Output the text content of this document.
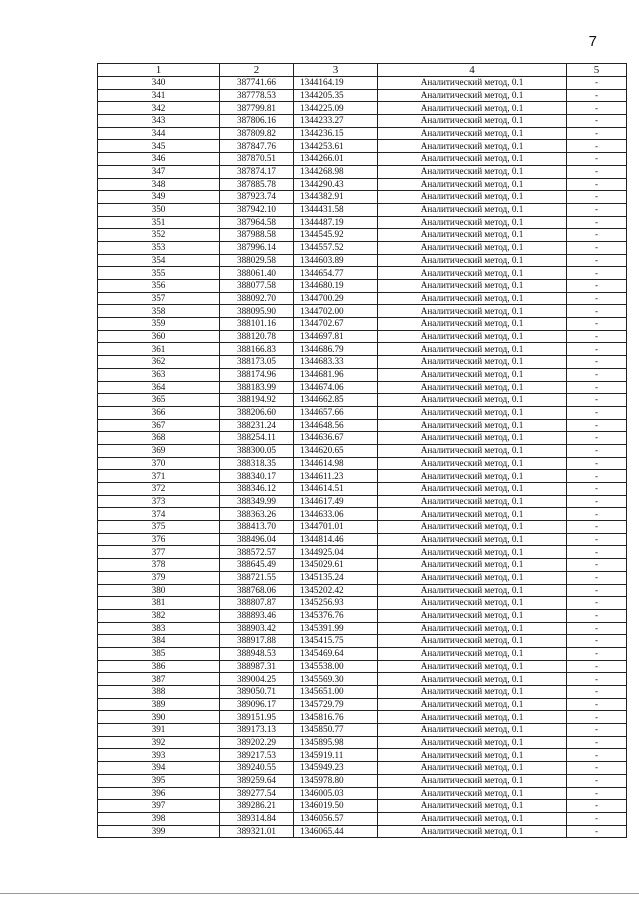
7
1	2	3	4	5
340	387741.66	1344164.19	Аналитический метод, 0.1	-
341	387778.53	1344205.35	Аналитический метод, 0.1	-
342	387799.81	1344225.09	Аналитический метод, 0.1	-
343	387806.16	1344233.27	Аналитический метод, 0.1	-
344	387809.82	1344236.15	Аналитический метод, 0.1	-
345	387847.76	1344253.61	Аналитический метод, 0.1	-
346	387870.51	1344266.01	Аналитический метод, 0.1	-
347	387874.17	1344268.98	Аналитический метод, 0.1	-
348	387885.78	1344290.43	Аналитический метод, 0.1	-
349	387923.74	1344382.91	Аналитический метод, 0.1	-
350	387942.10	1344431.58	Аналитический метод, 0.1	-
351	387964.58	1344487.19	Аналитический метод, 0.1	-
352	387988.58	1344545.92	Аналитический метод, 0.1	-
353	387996.14	1344557.52	Аналитический метод, 0.1	-
354	388029.58	1344603.89	Аналитический метод, 0.1	-
355	388061.40	1344654.77	Аналитический метод, 0.1	-
356	388077.58	1344680.19	Аналитический метод, 0.1	-
357	388092.70	1344700.29	Аналитический метод, 0.1	-
358	388095.90	1344702.00	Аналитический метод, 0.1	-
359	388101.16	1344702.67	Аналитический метод, 0.1	-
360	388120.78	1344697.81	Аналитический метод, 0.1	-
361	388166.83	1344686.79	Аналитический метод, 0.1	-
362	388173.05	1344683.33	Аналитический метод, 0.1	-
363	388174.96	1344681.96	Аналитический метод, 0.1	-
364	388183.99	1344674.06	Аналитический метод, 0.1	-
365	388194.92	1344662.85	Аналитический метод, 0.1	-
366	388206.60	1344657.66	Аналитический метод, 0.1	-
367	388231.24	1344648.56	Аналитический метод, 0.1	-
368	388254.11	1344636.67	Аналитический метод, 0.1	-
369	388300.05	1344620.65	Аналитический метод, 0.1	-
370	388318.35	1344614.98	Аналитический метод, 0.1	-
371	388340.17	1344611.23	Аналитический метод, 0.1	-
372	388346.12	1344614.51	Аналитический метод, 0.1	-
373	388349.99	1344617.49	Аналитический метод, 0.1	-
374	388363.26	1344633.06	Аналитический метод, 0.1	-
375	388413.70	1344701.01	Аналитический метод, 0.1	-
376	388496.04	1344814.46	Аналитический метод, 0.1	-
377	388572.57	1344925.04	Аналитический метод, 0.1	-
378	388645.49	1345029.61	Аналитический метод, 0.1	-
379	388721.55	1345135.24	Аналитический метод, 0.1	-
380	388768.06	1345202.42	Аналитический метод, 0.1	-
381	388807.87	1345256.93	Аналитический метод, 0.1	-
382	388893.46	1345376.76	Аналитический метод, 0.1	-
383	388903.42	1345391.99	Аналитический метод, 0.1	-
384	388917.88	1345415.75	Аналитический метод, 0.1	-
385	388948.53	1345469.64	Аналитический метод, 0.1	-
386	388987.31	1345538.00	Аналитический метод, 0.1	-
387	389004.25	1345569.30	Аналитический метод, 0.1	-
388	389050.71	1345651.00	Аналитический метод, 0.1	-
389	389096.17	1345729.79	Аналитический метод, 0.1	-
390	389151.95	1345816.76	Аналитический метод, 0.1	-
391	389173.13	1345850.77	Аналитический метод, 0.1	-
392	389202.29	1345895.98	Аналитический метод, 0.1	-
393	389217.53	1345919.11	Аналитический метод, 0.1	-
394	389240.55	1345949.23	Аналитический метод, 0.1	-
395	389259.64	1345978.80	Аналитический метод, 0.1	-
396	389277.54	1346005.03	Аналитический метод, 0.1	-
397	389286.21	1346019.50	Аналитический метод, 0.1	-
398	389314.84	1346056.57	Аналитический метод, 0.1	-
399	389321.01	1346065.44	Аналитический метод, 0.1	-
